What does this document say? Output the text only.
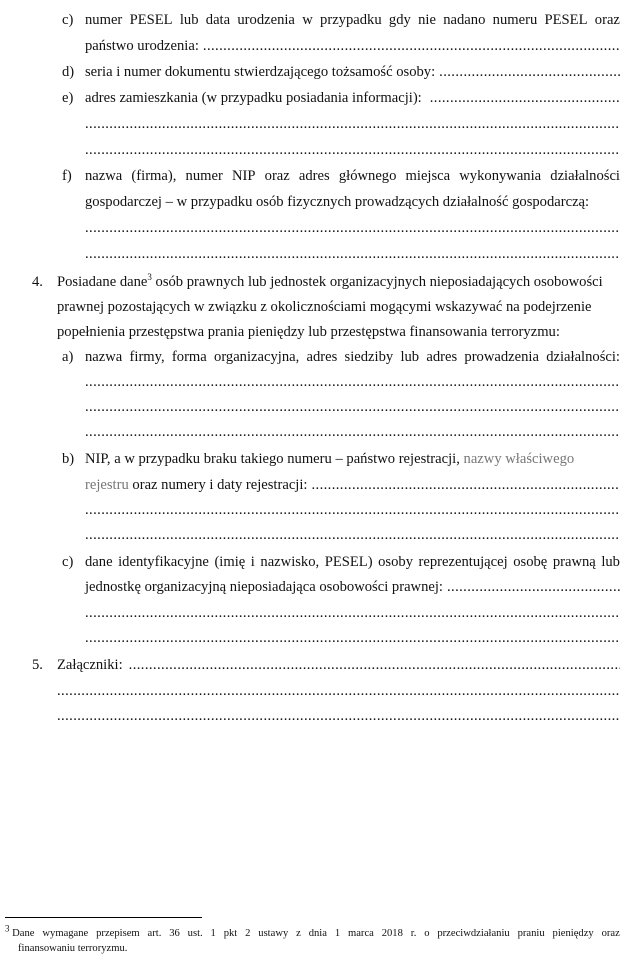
c) numer PESEL lub data urodzenia w przypadku gdy nie nadano numeru PESEL oraz
państwo urodzenia:
.....
d) seria i numer dokumentu stwierdzającego tożsamość osoby:
.....
e) adres zamieszkania (w przypadku posiadania informacji):
.....
.....
.....
f) nazwa (firma), numer NIP oraz adres głównego miejsca wykonywania działalności
gospodarczej – w przypadku osób fizycznych prowadzących działalność gospodarczą:
.....
.....
4. Posiadane dane$^3$ osób prawnych lub jednostek organizacyjnych nieposiadających osobowości
prawnej pozostających w związku z okolicznościami mogącymi wskazywać na podejrzenie
popełnienia przestępstwa prania pieniędzy lub przestępstwa finansowania terroryzmu:
a) nazwa firmy, forma organizacyjna, adres siedziby lub adres prowadzenia działalności:
.....
.....
.....
b) NIP, a w przypadku braku takiego numeru – państwo rejestracji, nazwy właściwego
rejestru
oraz numery i daty rejestracji:
.....
.....
.....
c) dane identyfikacyjne (imię i nazwisko, PESEL) osoby reprezentującej osobę prawną lub
jednostkę organizacyjną nieposiadająca osobowości prawnej:
.....
.....
.....
5. Załączniki:
.....
.....
.....
$^3$ Dane wymagane przepisem art. 36 ust. 1 pkt 2 ustawy z dnia 1 marca 2018 r. o przeciwdziałaniu praniu pieniędzy oraz
finansowaniu terroryzmu.
